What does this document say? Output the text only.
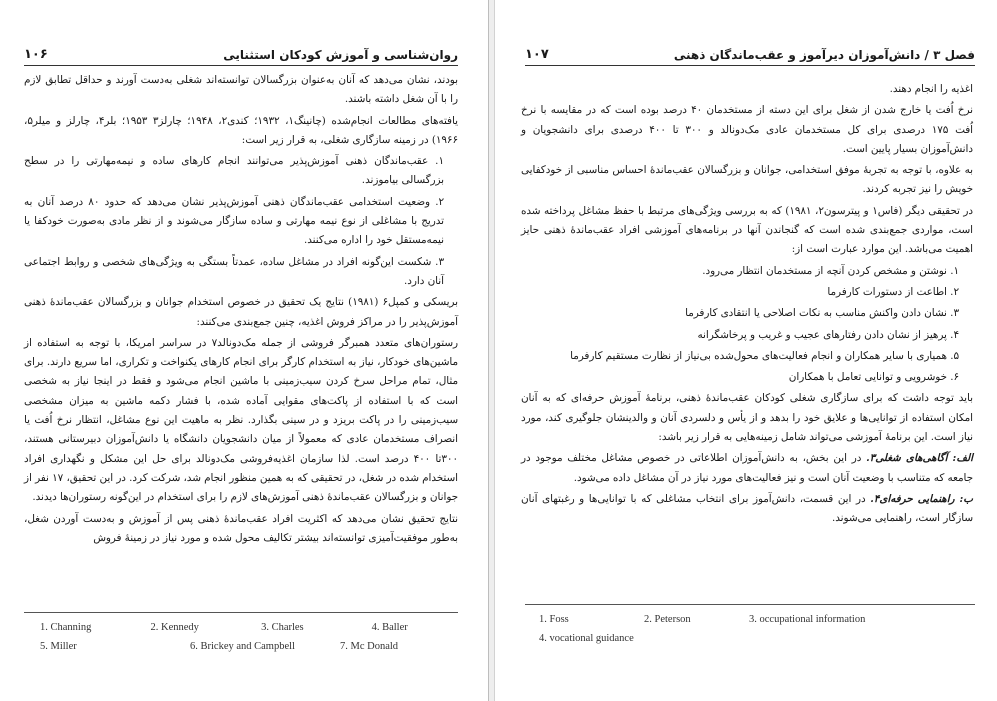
۱۰۶	روان‌شناسی و آموزش کودکان استثنایی

بودند، نشان می‌دهد که آنان به‌عنوان بزرگسالان توانسته‌اند شغلی به‌دست آورند و حداقل تطابق لازم را با آن شغل داشته باشند.

یافته‌های مطالعات انجام‌شده (چانینگ۱، ۱۹۳۲؛ کندی۲، ۱۹۴۸؛ چارلز۳ ۱۹۵۳؛ بلر۴، چارلز و میلر۵، ۱۹۶۶) در زمینه سازگاری شغلی، به قرار زیر است:

۱. عقب‌ماندگان ذهنی آموزش‌پذیر می‌توانند انجام کارهای ساده و نیمه‌مهارتی را در سطح بزرگسالی بیاموزند.

۲. وضعیت استخدامی عقب‌ماندگان ذهنی آموزش‌پذیر نشان می‌دهد که حدود ۸۰ درصد آنان به تدریج با مشاغلی از نوع نیمه مهارتی و ساده سازگار می‌شوند و از نظر مادی به‌صورت خودکفا یا نیمه‌مستقل خود را اداره می‌کنند.

۳. شکست این‌گونه افراد در مشاغل ساده، عمدتاً بستگی به ویژگی‌های شخصی و روابط اجتماعی آنان دارد.

بریسکی و کمپل۶ (۱۹۸۱) نتایج یک تحقیق در خصوص استخدام جوانان و بزرگسالان عقب‌ماندهٔ ذهنی آموزش‌پذیر را در مراکز فروش اغذیه، چنین جمع‌بندی می‌کنند:

رستوران‌های متعدد همبرگر فروشی از جمله مک‌دونالد۷ در سراسر امریکا، با توجه به استفاده از ماشین‌های خودکار، نیاز به استخدام کارگر برای انجام کارهای یکنواخت و تکراری، اما سریع دارند. برای مثال، تمام مراحل سرخ کردن سیب‌زمینی با ماشین انجام می‌شود و فقط در اینجا نیاز به شخصی است که با استفاده از پاکت‌های مقوایی آماده شده، با فشار دکمه ماشین به میزان مشخصی سیب‌زمینی را در پاکت بریزد و در سینی بگذارد. نظر به ماهیت این نوع مشاغل، انتظار نرخ اُفت یا انصراف مستخدمان عادی که معمولاً از میان دانشجویان دانشگاه یا دانش‌آموزان دبیرستانی هستند، ۳۰۰تا ۴۰۰ درصد است. لذا سازمان اغذیه‌فروشی مک‌دونالد برای حل این مشکل و نگهداری افراد استخدام شده در شغل، در تحقیقی که به همین منظور انجام شد، شرکت کرد. در این تحقیق، ۱۷ نفر از جوانان و بزرگسالان عقب‌ماندهٔ ذهنی آموزش‌های لازم را برای استخدام در این‌گونه رستوران‌ها دیدند.

نتایج تحقیق نشان می‌دهد که اکثریت افراد عقب‌ماندهٔ ذهنی پس از آموزش و به‌دست آوردن شغل، به‌طور موفقیت‌آمیزی توانسته‌اند بیشتر تکالیف محول شده و مورد نیاز در زمینهٔ فروش

1. Channing	2. Kennedy	3. Charles	4. Baller
5. Miller	6. Brickey and Campbell	7. Mc Donald
۱۰۷	فصل ۳ / دانش‌آموزان دیرآموز و عقب‌ماندگان ذهنی

اغذیه را انجام دهند.

نرخ اُفت یا خارج شدن از شغل برای این دسته از مستخدمان ۴۰ درصد بوده است که در مقایسه با نرخ اُفت ۱۷۵ درصدی برای کل مستخدمان عادی مک‌دونالد و ۳۰۰ تا ۴۰۰ درصدی برای دانشجویان و دانش‌آموزان بسیار پایین است.

به علاوه، با توجه به تجربهٔ موفق استخدامی، جوانان و بزرگسالان عقب‌ماندهٔ احساس مناسبی از خودکفایی خویش را نیز تجربه کردند.

در تحقیقی دیگر (فاس۱ و پیترسون۲، ۱۹۸۱) که به بررسی ویژگی‌های مرتبط با حفظ مشاغل پرداخته شده است، مواردی جمع‌بندی شده است که گنجاندن آنها در برنامه‌های آموزشی افراد عقب‌ماندهٔ ذهنی حایز اهمیت می‌باشد. این موارد عبارت است از:

۱. نوشتن و مشخص کردن آنچه از مستخدمان انتظار می‌رود.

۲. اطاعت از دستورات کارفرما

۳. نشان دادن واکنش مناسب به نکات اصلاحی یا انتقادی کارفرما

۴. پرهیز از نشان دادن رفتارهای عجیب و غریب و پرخاشگرانه

۵. همیاری با سایر همکاران و انجام فعالیت‌های محول‌شده بی‌نیاز از نظارت مستقیم کارفرما

۶. خوشرویی و توانایی تعامل با همکاران

باید توجه داشت که برای سازگاری شغلی کودکان عقب‌ماندهٔ ذهنی، برنامهٔ آموزش حرفه‌ای که به آنان امکان استفاده از توانایی‌ها و علایق خود را بدهد و از یأس و دلسردی آنان و والدینشان جلوگیری کند، مورد نیاز است. این برنامهٔ آموزشی می‌تواند شامل زمینه‌هایی به قرار زیر باشد:

الف: آگاهی‌های شغلی۳. در این بخش، به دانش‌آموزان اطلاعاتی در خصوص مشاغل مختلف موجود در جامعه که متناسب با وضعیت آنان است و نیز فعالیت‌های مورد نیاز در آن مشاغل داده می‌شود.

ب: راهنمایی حرفه‌ای۴. در این قسمت، دانش‌آموز برای انتخاب مشاغلی که با توانایی‌ها و رغبتهای آنان سازگار است، راهنمایی می‌شوند.

1. Foss	2. Peterson	3. occupational information
4. vocational guidance
